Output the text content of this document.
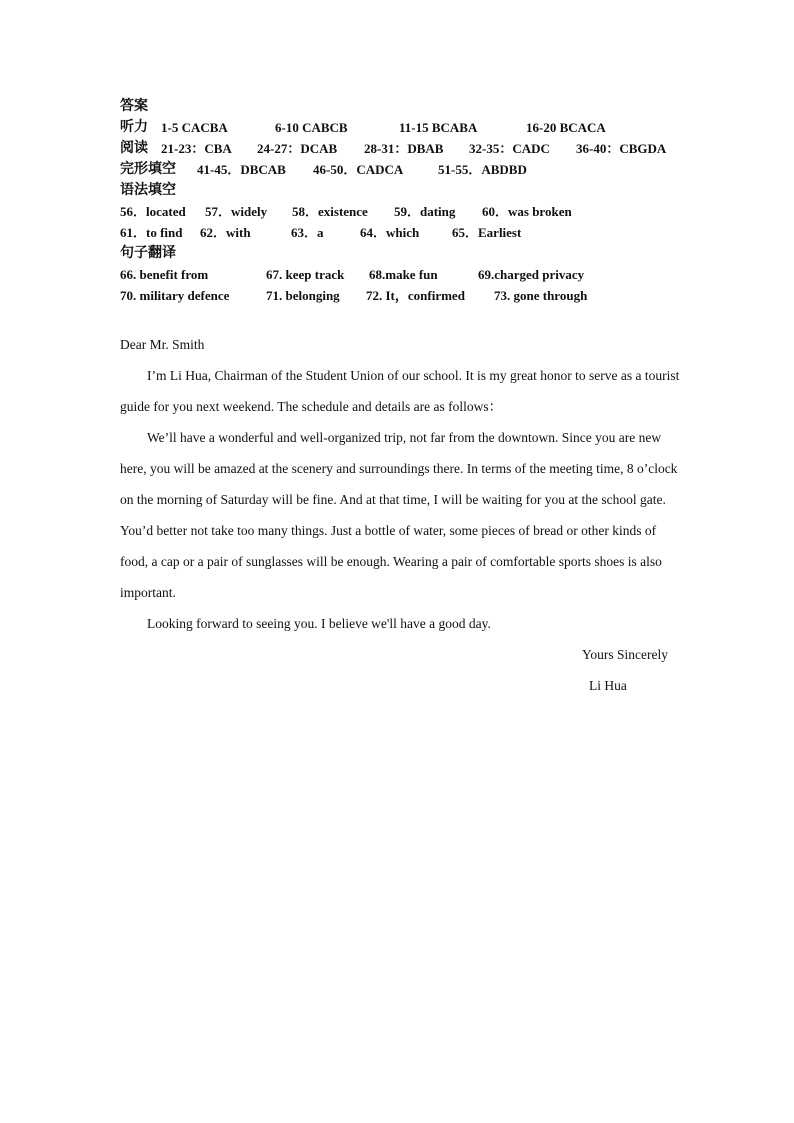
答案
听力 1-5 CACBA	6-10 CABCB	11-15 BCABA	16-20 BCACA
阅读 21-23：CBA 24-27：DCAB 28-31：DBAB 32-35：CADC 36-40：CBGDA
完形填空 41-45．DBCAB 46-50．CADCA	51-55．ABDBD
语法填空
56．located 57．widely 58．existence 59．dating 60．was broken
61．to find 62．with	63．a	64．which	65．Earliest
句子翻译
66. benefit from	67. keep track 68.make fun	69.charged privacy
70. military defence	71. belonging 72. It，confirmed 73. gone through

Dear Mr. Smith

I’m Li Hua, Chairman of the Student Union of our school. It is my great honor to serve as a tourist guide for you next weekend. The schedule and details are as follows：

We’ll have a wonderful and well-organized trip, not far from the downtown. Since you are new here, you will be amazed at the scenery and surroundings there. In terms of the meeting time, 8 o’clock on the morning of Saturday will be fine. And at that time, I will be waiting for you at the school gate. You’d better not take too many things. Just a bottle of water, some pieces of bread or other kinds of food, a cap or a pair of sunglasses will be enough. Wearing a pair of comfortable sports shoes is also important.

Looking forward to seeing you. I believe we'll have a good day.

Yours Sincerely
Li Hua
